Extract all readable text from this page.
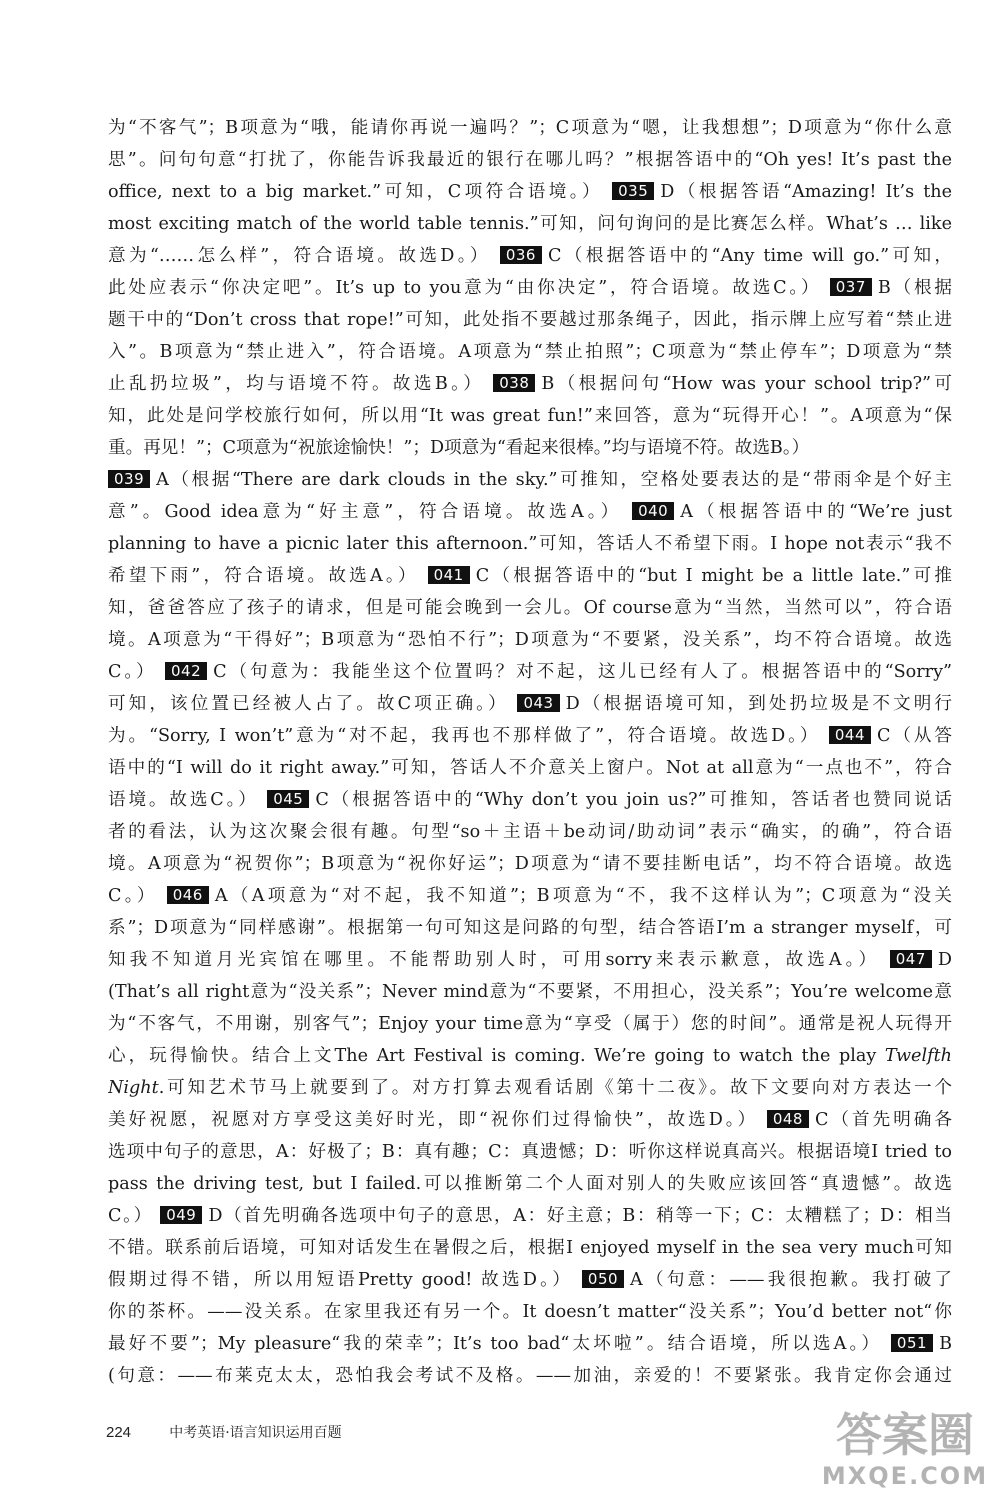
为“不客气”；B项意为“哦，能请你再说一遍吗？”；C项意为“嗯，让我想想”；D项意为“你什么意
思”。问句句意“打扰了，你能告诉我最近的银行在哪儿吗？”根据答语中的“Oh yes! It’s past the
office, next to a big market.”可知，C项符合语境。） 035 D（根据答语“Amazing! It’s the
most exciting match of the world table tennis.”可知，问句询问的是比赛怎么样。What’s … like
意为“……怎么样”，符合语境。故选D。） 036 C（根据答语中的“Any time will go.”可知，
此处应表示“你决定吧”。It’s up to you意为“由你决定”，符合语境。故选C。） 037 B（根据
题干中的“Don’t cross that rope!”可知，此处指不要越过那条绳子，因此，指示牌上应写着“禁止进
入”。B项意为“禁止进入”，符合语境。A项意为“禁止拍照”；C项意为“禁止停车”；D项意为“禁
止乱扔垃圾”，均与语境不符。故选B。） 038 B（根据问句“How was your school trip?”可
知，此处是问学校旅行如何，所以用“It was great fun!”来回答，意为“玩得开心！”。A项意为“保
重。再见！”；C项意为“祝旅途愉快！”；D项意为“看起来很棒。”均与语境不符。故选B。）
039 A（根据“There are dark clouds in the sky.”可推知，空格处要表达的是“带雨伞是个好主
意”。Good idea意为“好主意”，符合语境。故选A。） 040 A（根据答语中的“We’re just
planning to have a picnic later this afternoon.”可知，答话人不希望下雨。I hope not表示“我不
希望下雨”，符合语境。故选A。） 041 C（根据答语中的“but I might be a little late.”可推
知，爸爸答应了孩子的请求，但是可能会晚到一会儿。Of course意为“当然，当然可以”，符合语
境。A项意为“干得好”；B项意为“恐怕不行”；D项意为“不要紧，没关系”，均不符合语境。故选
C。） 042 C（句意为：我能坐这个位置吗？对不起，这儿已经有人了。根据答语中的“Sorry”
可知，该位置已经被人占了。故C项正确。） 043 D（根据语境可知，到处扔垃圾是不文明行
为。“Sorry, I won’t”意为“对不起，我再也不那样做了”，符合语境。故选D。） 044 C（从答
语中的“I will do it right away.”可知，答话人不介意关上窗户。Not at all意为“一点也不”，符合
语境。故选C。） 045 C（根据答语中的“Why don’t you join us?”可推知，答话者也赞同说话
者的看法，认为这次聚会很有趣。句型“so＋主语＋be动词/助动词”表示“确实，的确”，符合语
境。A项意为“祝贺你”；B项意为“祝你好运”；D项意为“请不要挂断电话”，均不符合语境。故选
C。） 046 A（A项意为“对不起，我不知道”；B项意为“不，我不这样认为”；C项意为“没关
系”；D项意为“同样感谢”。根据第一句可知这是问路的句型，结合答语I’m a stranger myself，可
知我不知道月光宾馆在哪里。不能帮助别人时，可用sorry来表示歉意，故选A。） 047 D
(That’s all right意为“没关系”；Never mind意为“不要紧，不用担心，没关系”；You’re welcome意
为“不客气，不用谢，别客气”；Enjoy your time意为“享受（属于）您的时间”。通常是祝人玩得开
心，玩得愉快。结合上文The Art Festival is coming. We’re going to watch the play Twelfth
Night.可知艺术节马上就要到了。对方打算去观看话剧《第十二夜》。故下文要向对方表达一个
美好祝愿，祝愿对方享受这美好时光，即“祝你们过得愉快”，故选D。） 048 C（首先明确各
选项中句子的意思，A：好极了；B：真有趣；C：真遗憾；D：听你这样说真高兴。根据语境I tried to
pass the driving test, but I failed.可以推断第二个人面对别人的失败应该回答“真遗憾”。故选
C。） 049 D（首先明确各选项中句子的意思，A：好主意；B：稍等一下；C：太糟糕了；D：相当
不错。联系前后语境，可知对话发生在暑假之后，根据I enjoyed myself in the sea very much可知
假期过得不错，所以用短语Pretty good! 故选D。） 050 A（句意：——我很抱歉。我打破了
你的茶杯。——没关系。在家里我还有另一个。It doesn’t matter“没关系”；You’d better not“你
最好不要”；My pleasure“我的荣幸”；It’s too bad“太坏啦”。结合语境，所以选A。） 051 B
(句意：——布莱克太太，恐怕我会考试不及格。——加油，亲爱的！不要紧张。我肯定你会通过
224	中考英语·语言知识运用百题	答案圈
MXQE.COM
